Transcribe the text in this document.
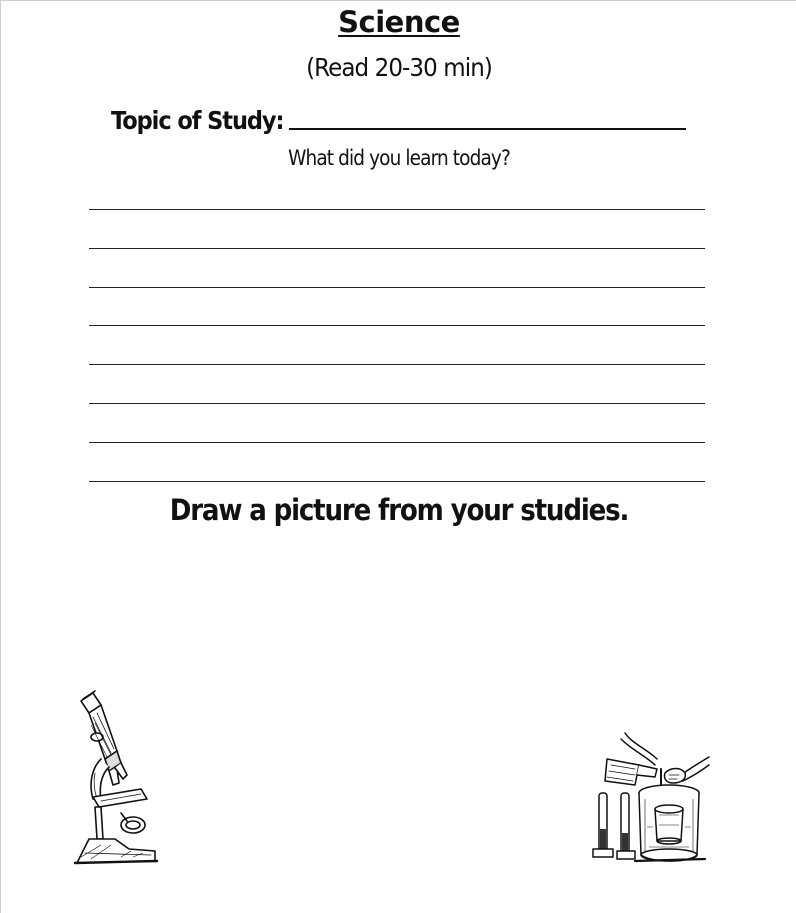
Science
(Read 20-30 min)
Topic of Study:
What did you learn today?
Draw a picture from your studies.
